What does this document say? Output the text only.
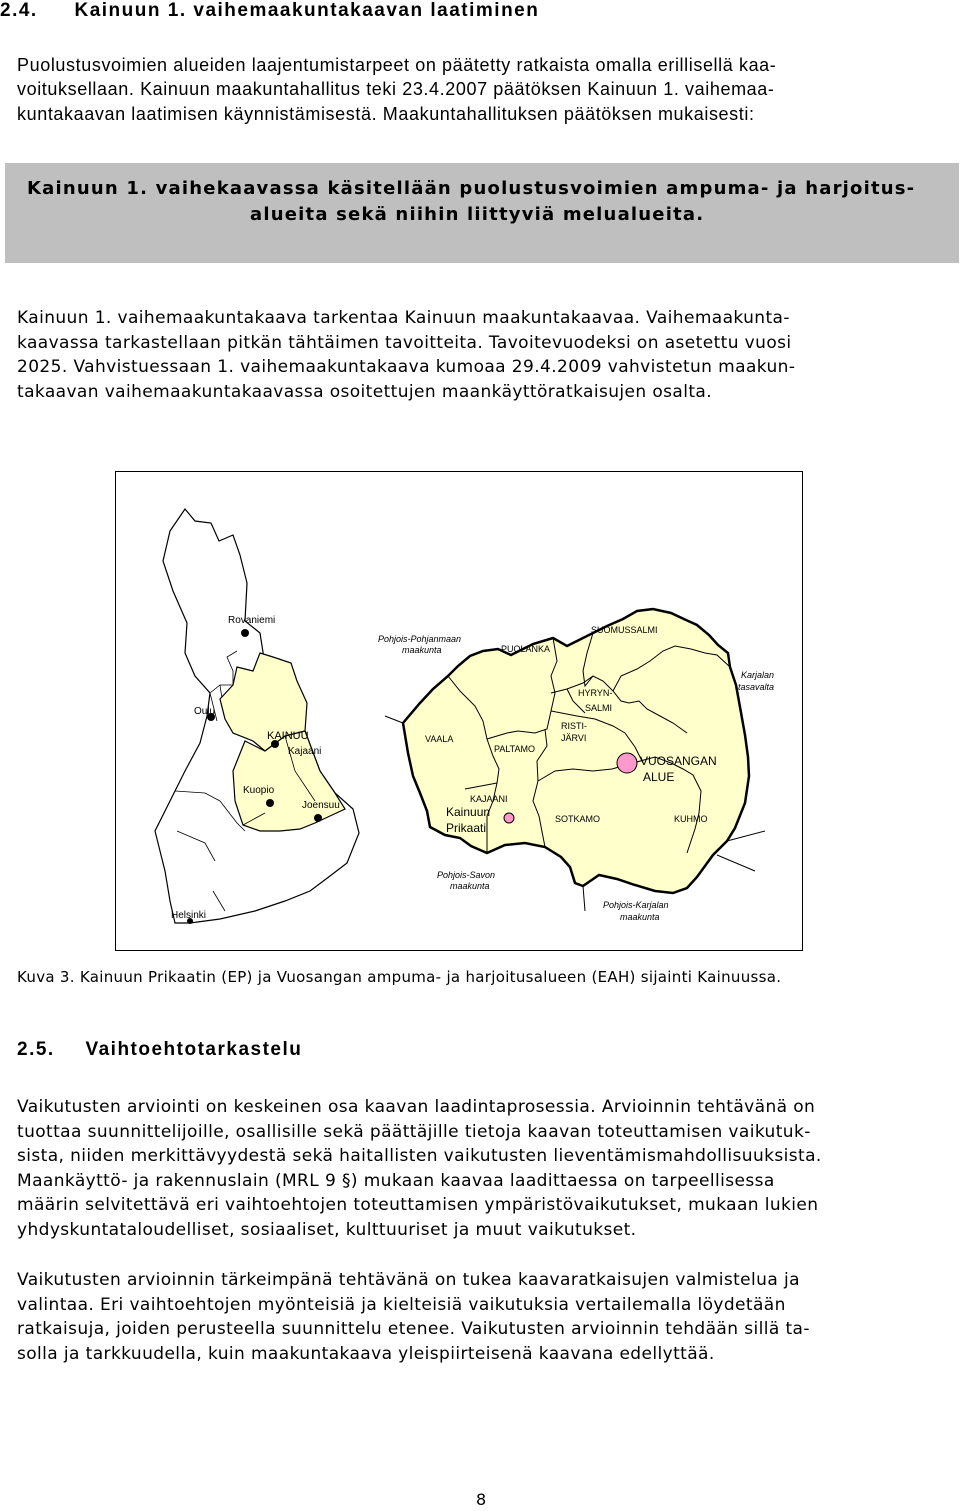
2.4. Kainuun 1. vaihemaakuntakaavan laatiminen
Puolustusvoimien alueiden laajentumistarpeet on päätetty ratkaista omalla erillisellä kaa-
voituksellaan. Kainuun maakuntahallitus teki 23.4.2007 päätöksen Kainuun 1. vaihemaa-
kuntakaavan laatimisen käynnistämisestä. Maakuntahallituksen päätöksen mukaisesti:
Kainuun 1. vaihekaavassa käsitellään puolustusvoimien ampuma- ja harjoitus-
alueita sekä niihin liittyviä melualueita.
Kainuun 1. vaihemaakuntakaava tarkentaa Kainuun maakuntakaavaa. Vaihemaakunta-
kaavassa tarkastellaan pitkän tähtäimen tavoitteita. Tavoitevuodeksi on asetettu vuosi
2025. Vahvistuessaan 1. vaihemaakuntakaava kumoaa 29.4.2009 vahvistetun maakun-
takaavan vaihemaakuntakaavassa osoitettujen maankäyttöratkaisujen osalta.
Rovaniemi
Oulu
KAINUU
Kajaani
Kuopio
Joensuu
Helsinki
Pohjois-Pohjanmaan
maakunta	PUOLANKA
SUOMUSSALMI
HYRYN-
SALMI
Karjalan
tasavalta
RISTI-
JÄRVI
VAALA
PALTAMO
VUOSANGAN
ALUE
KAJAANI
Kainuun
Prikaati
SOTKAMO	KUHMO
Pohjois-Savon
maakunta
Pohjois-Karjalan
maakunta
Kuva 3. Kainuun Prikaatin (EP) ja Vuosangan ampuma- ja harjoitusalueen (EAH) sijainti Kainuussa.
2.5. Vaihtoehtotarkastelu
Vaikutusten arviointi on keskeinen osa kaavan laadintaprosessia. Arvioinnin tehtävänä on
tuottaa suunnittelijoille, osallisille sekä päättäjille tietoja kaavan toteuttamisen vaikutuk-
sista, niiden merkittävyydestä sekä haitallisten vaikutusten lieventämismahdollisuuksista.
Maankäyttö- ja rakennuslain (MRL 9 §) mukaan kaavaa laadittaessa on tarpeellisessa
määrin selvitettävä eri vaihtoehtojen toteuttamisen ympäristövaikutukset, mukaan lukien
yhdyskuntataloudelliset, sosiaaliset, kulttuuriset ja muut vaikutukset.
Vaikutusten arvioinnin tärkeimpänä tehtävänä on tukea kaavaratkaisujen valmistelua ja
valintaa. Eri vaihtoehtojen myönteisiä ja kielteisiä vaikutuksia vertailemalla löydetään
ratkaisuja, joiden perusteella suunnittelu etenee. Vaikutusten arvioinnin tehdään sillä ta-
solla ja tarkkuudella, kuin maakuntakaava yleispiirteisenä kaavana edellyttää.
8
